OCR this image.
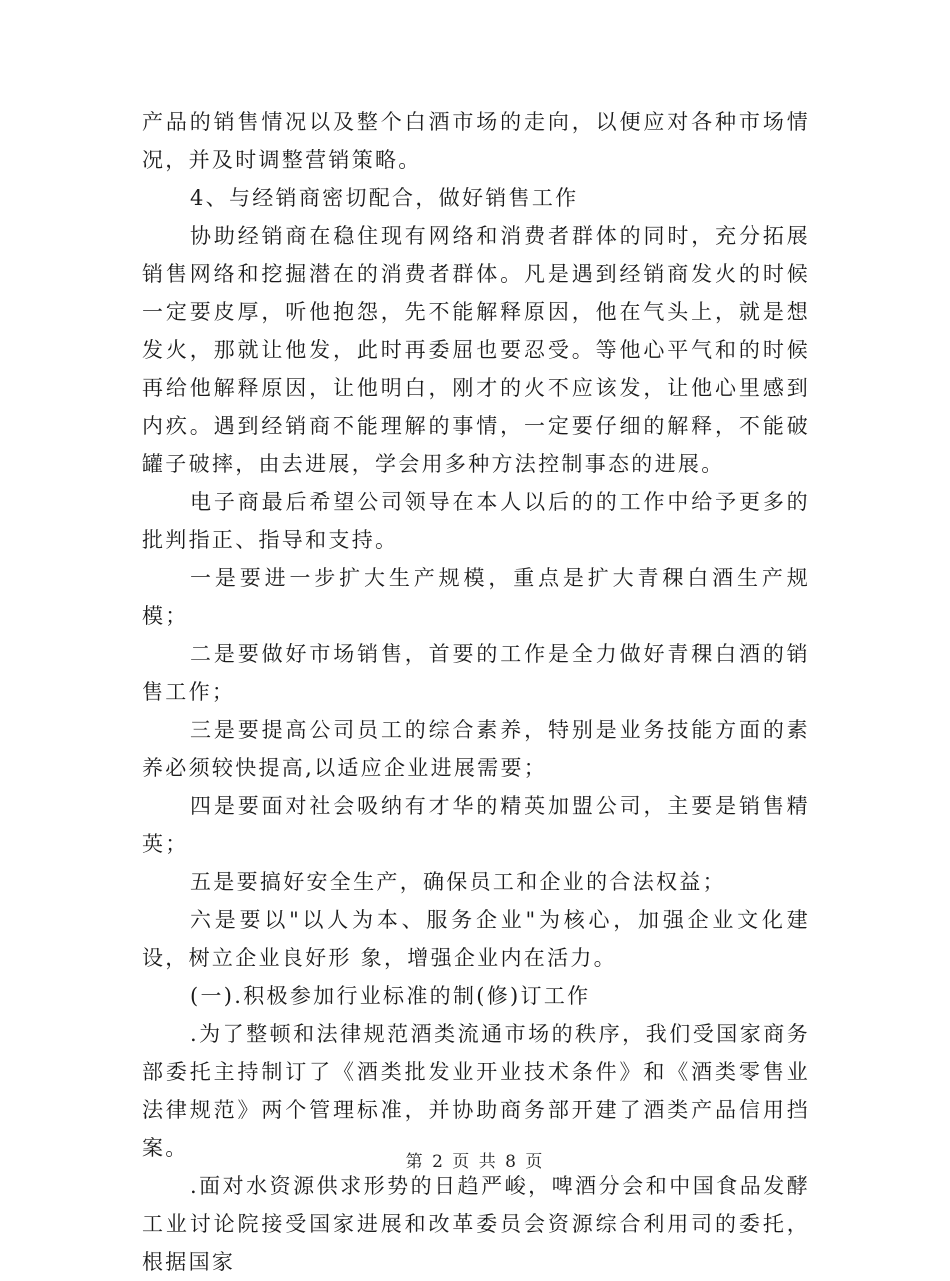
产品的销售情况以及整个白酒市场的走向，以便应对各种市场情况，并及时调整营销策略。

4、与经销商密切配合，做好销售工作

协助经销商在稳住现有网络和消费者群体的同时，充分拓展销售网络和挖掘潜在的消费者群体。凡是遇到经销商发火的时候一定要皮厚，听他抱怨，先不能解释原因，他在气头上，就是想发火，那就让他发，此时再委屈也要忍受。等他心平气和的时候再给他解释原因，让他明白，刚才的火不应该发，让他心里感到内疚。遇到经销商不能理解的事情，一定要仔细的解释，不能破罐子破摔，由去进展，学会用多种方法控制事态的进展。

电子商最后希望公司领导在本人以后的的工作中给予更多的批判指正、指导和支持。

一是要进一步扩大生产规模，重点是扩大青稞白酒生产规模；

二是要做好市场销售，首要的工作是全力做好青稞白酒的销售工作；

三是要提高公司员工的综合素养，特别是业务技能方面的素养必须较快提高,以适应企业进展需要；

四是要面对社会吸纳有才华的精英加盟公司，主要是销售精英；

五是要搞好安全生产，确保员工和企业的合法权益；

六是要以"以人为本、服务企业"为核心，加强企业文化建设，树立企业良好形 象，增强企业内在活力。

(一).积极参加行业标准的制(修)订工作

.为了整顿和法律规范酒类流通市场的秩序，我们受国家商务部委托主持制订了《酒类批发业开业技术条件》和《酒类零售业法律规范》两个管理标准，并协助商务部开建了酒类产品信用挡案。

.面对水资源供求形势的日趋严峻，啤酒分会和中国食品发酵工业讨论院接受国家进展和改革委员会资源综合利用司的委托，根据国家

第 2 页 共 8 页
